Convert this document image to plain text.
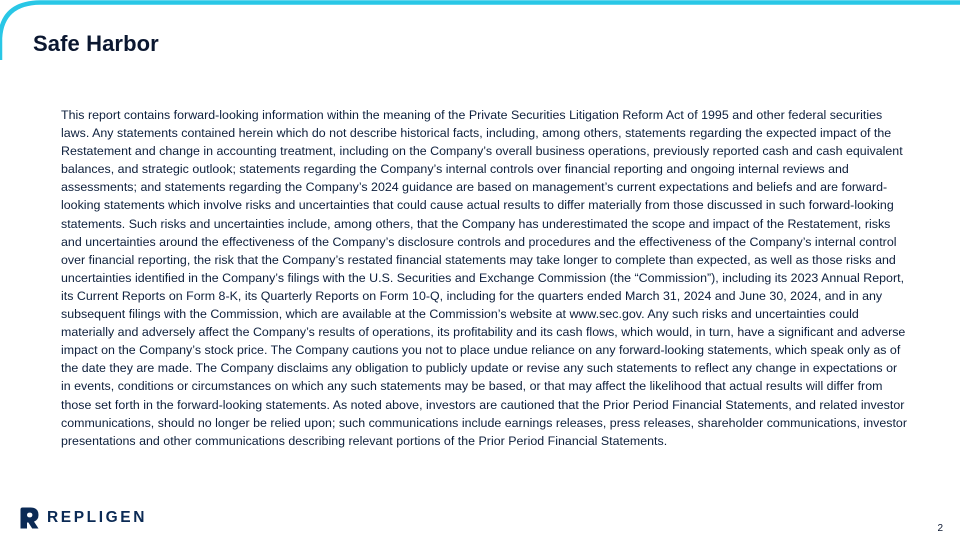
Safe Harbor

This report contains forward-looking information within the meaning of the Private Securities Litigation Reform Act of 1995 and other federal securities laws. Any statements contained herein which do not describe historical facts, including, among others, statements regarding the expected impact of the Restatement and change in accounting treatment, including on the Company’s overall business operations, previously reported cash and cash equivalent balances, and strategic outlook; statements regarding the Company’s internal controls over financial reporting and ongoing internal reviews and assessments; and statements regarding the Company’s 2024 guidance are based on management’s current expectations and beliefs and are forward-looking statements which involve risks and uncertainties that could cause actual results to differ materially from those discussed in such forward-looking statements. Such risks and uncertainties include, among others, that the Company has underestimated the scope and impact of the Restatement, risks and uncertainties around the effectiveness of the Company’s disclosure controls and procedures and the effectiveness of the Company’s internal control over financial reporting, the risk that the Company’s restated financial statements may take longer to complete than expected, as well as those risks and uncertainties identified in the Company’s filings with the U.S. Securities and Exchange Commission (the “Commission”), including its 2023 Annual Report, its Current Reports on Form 8-K, its Quarterly Reports on Form 10-Q, including for the quarters ended March 31, 2024 and June 30, 2024, and in any subsequent filings with the Commission, which are available at the Commission’s website at www.sec.gov. Any such risks and uncertainties could materially and adversely affect the Company’s results of operations, its profitability and its cash flows, which would, in turn, have a significant and adverse impact on the Company’s stock price. The Company cautions you not to place undue reliance on any forward-looking statements, which speak only as of the date they are made. The Company disclaims any obligation to publicly update or revise any such statements to reflect any change in expectations or in events, conditions or circumstances on which any such statements may be based, or that may affect the likelihood that actual results will differ from those set forth in the forward-looking statements. As noted above, investors are cautioned that the Prior Period Financial Statements, and related investor communications, should no longer be relied upon; such communications include earnings releases, press releases, shareholder communications, investor presentations and other communications describing relevant portions of the Prior Period Financial Statements.

REPLIGEN
2
